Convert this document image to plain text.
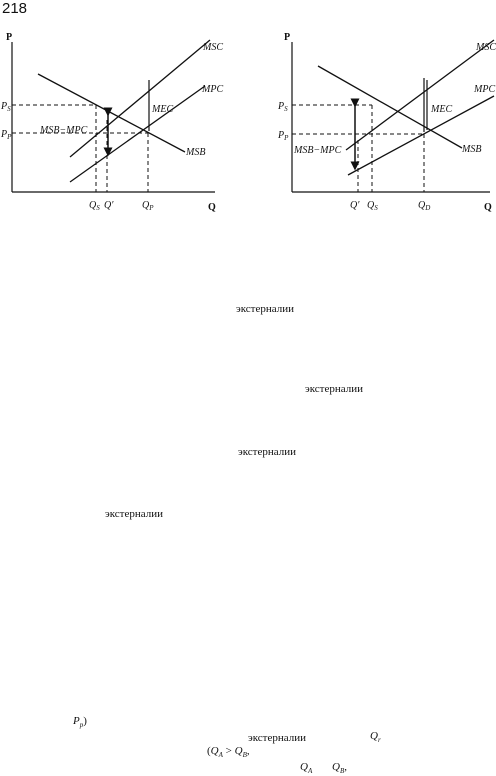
218
P
Q
MSC
MPC
MSB
MEC
MSB−MPC
$P_S$
$P_P$
$Q_S$ Q′	$Q_P$
P
Q
MSC
MPC
MSB
MEC
MSB−MPC
$P_S$
$P_P$
Q′ $Q_S$	$Q_D$
экстерналии
экстерналии
экстерналии
экстерналии
$P_p$)
экстерналии	$Q_r$
($Q_A > Q_B$,
$Q_A$ $Q_B$,
